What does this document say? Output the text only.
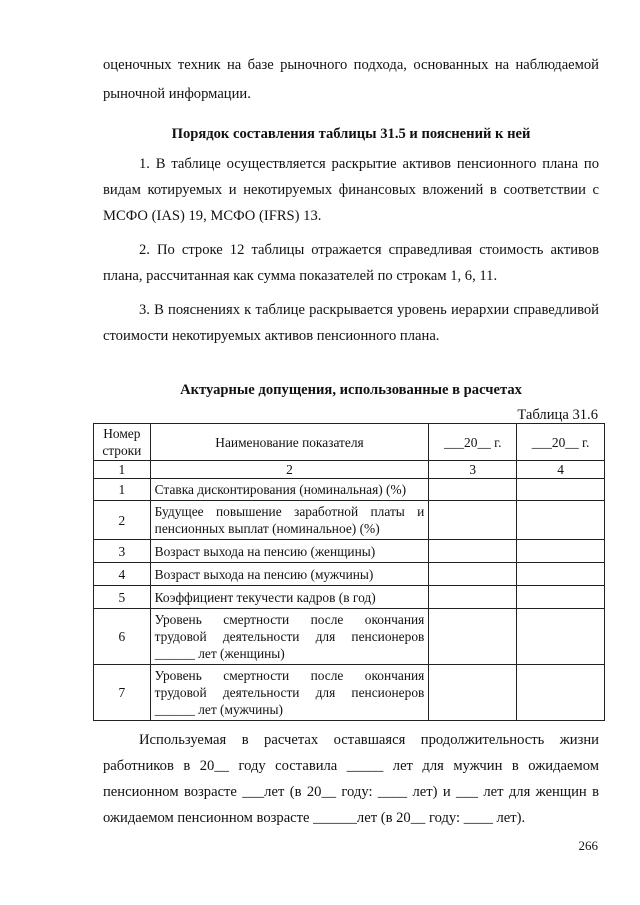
оценочных техник на базе рыночного подхода, основанных на наблюдаемой

рыночной информации.

Порядок составления таблицы 31.5 и пояснений к ней

1. В таблице осуществляется раскрытие активов пенсионного плана по видам котируемых и некотируемых финансовых вложений в соответствии с МСФО (IAS) 19, МСФО (IFRS) 13.

2. По строке 12 таблицы отражается справедливая стоимость активов плана, рассчитанная как сумма показателей по строкам 1, 6, 11.

3. В пояснениях к таблице раскрывается уровень иерархии справедливой стоимости некотируемых активов пенсионного плана.

Актуарные допущения, использованные в расчетах

Таблица 31.6
Номер строки	Наименование показателя	___20__ г.	___20__ г.
1	2	3	4
1	Ставка дисконтирования (номинальная) (%)		
2	Будущее повышение заработной платы и пенсионных выплат (номинальное) (%)		
3	Возраст выхода на пенсию (женщины)		
4	Возраст выхода на пенсию (мужчины)		
5	Коэффициент текучести кадров (в год)		
6	Уровень смертности после окончания трудовой деятельности для пенсионеров ______ лет (женщины)		
7	Уровень смертности после окончания трудовой деятельности для пенсионеров ______ лет (мужчины)		

Используемая в расчетах оставшаяся продолжительность жизни работников в 20__ году составила _____ лет для мужчин в ожидаемом пенсионном возрасте ___лет (в 20__ году: ____ лет) и ___ лет для женщин в ожидаемом пенсионном возрасте ______лет (в 20__ году: ____ лет).

266
